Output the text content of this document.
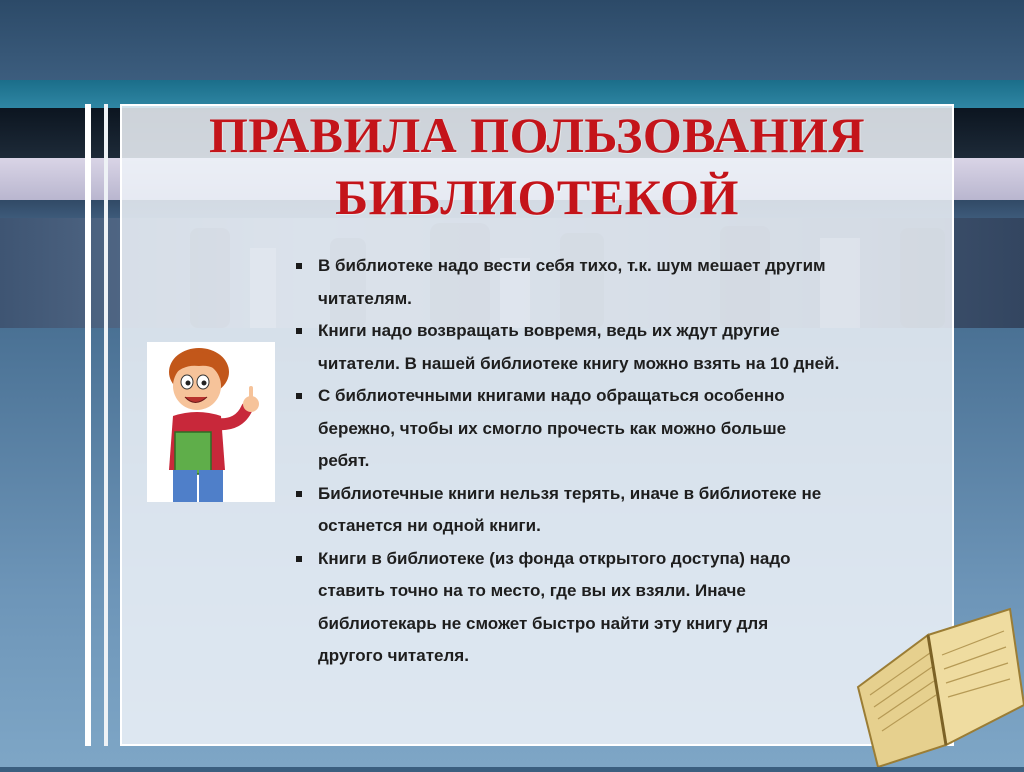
ПРАВИЛА ПОЛЬЗОВАНИЯ
БИБЛИОТЕКОЙ
В библиотеке надо вести себя тихо, т.к. шум мешает другим
читателям.
Книги надо возвращать вовремя, ведь их ждут другие
читатели. В нашей библиотеке книгу можно взять на 10 дней.
С библиотечными книгами надо обращаться особенно
бережно, чтобы их смогло прочесть как можно больше
ребят.
Библиотечные книги нельзя терять, иначе в библиотеке не
останется ни одной книги.
Книги в библиотеке (из фонда открытого доступа) надо
ставить точно на то место, где вы их взяли. Иначе
библиотекарь не сможет быстро найти эту книгу для
другого читателя.
